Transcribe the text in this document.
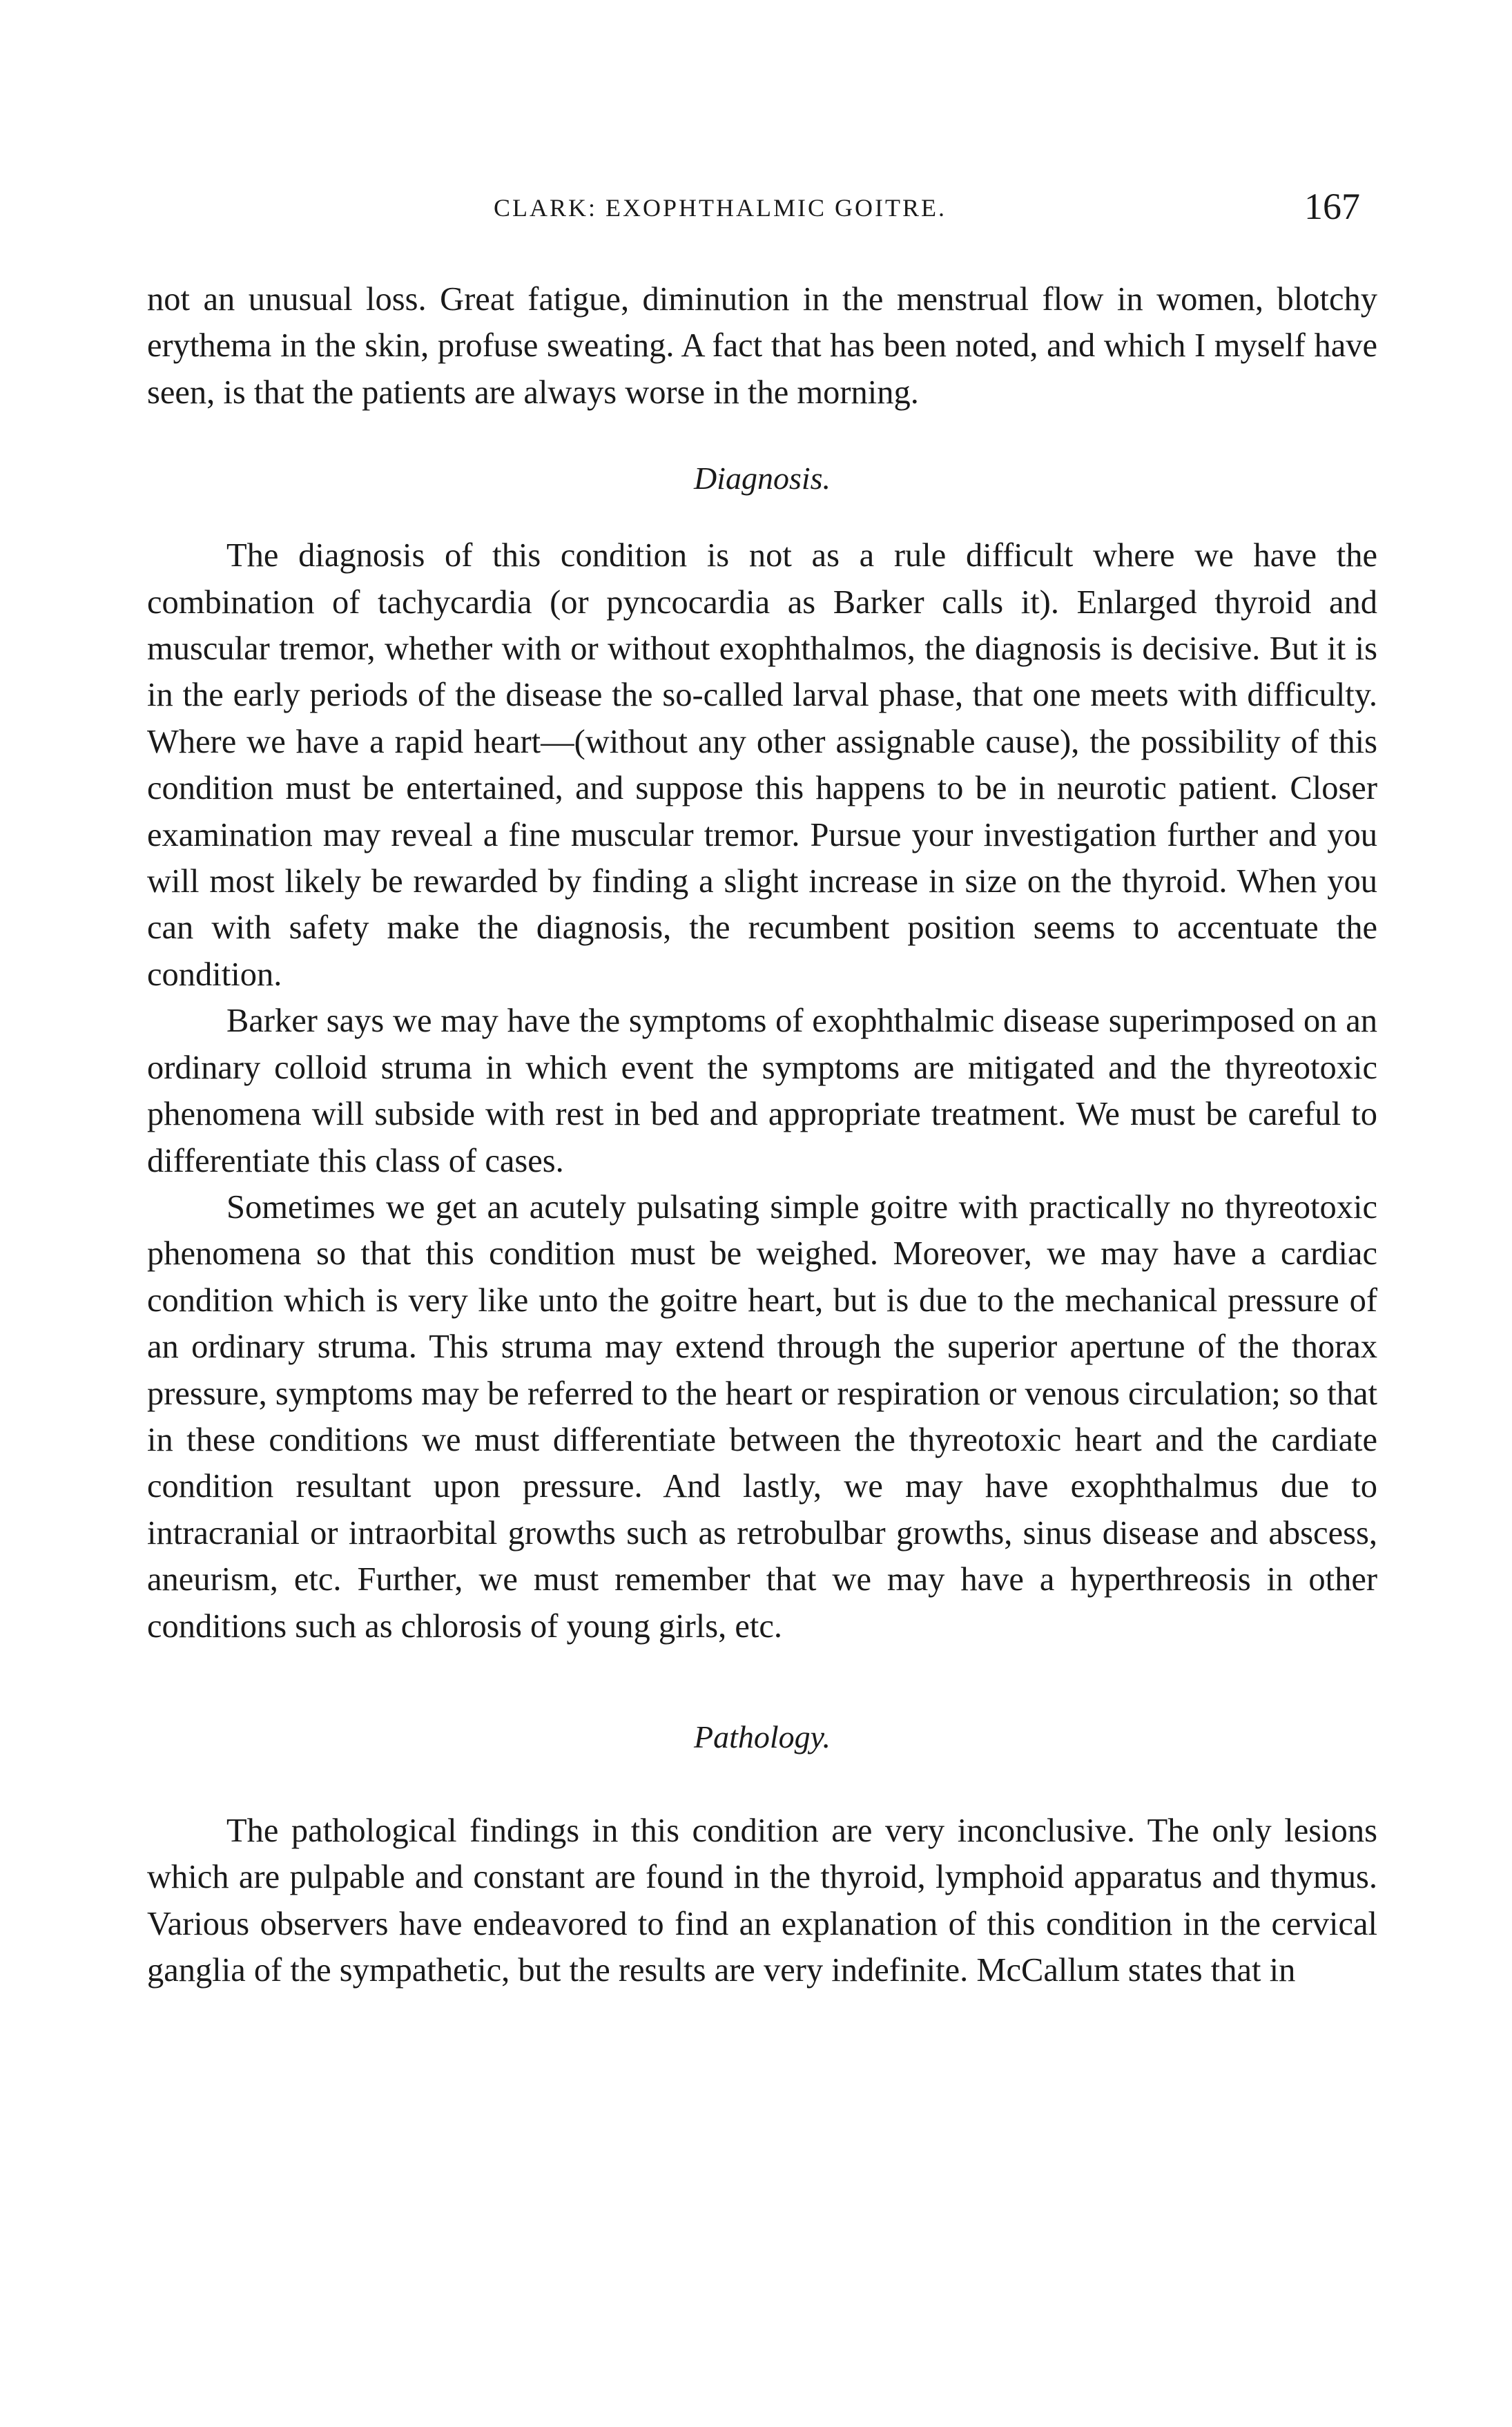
CLARK: EXOPHTHALMIC GOITRE.	167

not an unusual loss. Great fatigue, diminution in the menstrual flow in women, blotchy erythema in the skin, profuse sweating. A fact that has been noted, and which I myself have seen, is that the patients are always worse in the morning.

Diagnosis.

The diagnosis of this condition is not as a rule difficult where we have the combination of tachycardia (or pyncocardia as Barker calls it). Enlarged thyroid and muscular tremor, whether with or without exophthalmos, the diagnosis is decisive. But it is in the early periods of the disease the so-called larval phase, that one meets with difficulty. Where we have a rapid heart—(without any other assignable cause), the possibility of this condition must be entertained, and suppose this happens to be in neurotic patient. Closer examination may reveal a fine muscular tremor. Pursue your investigation further and you will most likely be rewarded by finding a slight increase in size on the thyroid. When you can with safety make the diagnosis, the recumbent position seems to accentuate the condition.

Barker says we may have the symptoms of exophthalmic disease superimposed on an ordinary colloid struma in which event the symptoms are mitigated and the thyreotoxic phenomena will subside with rest in bed and appropriate treatment. We must be careful to differentiate this class of cases.

Sometimes we get an acutely pulsating simple goitre with practically no thyreotoxic phenomena so that this condition must be weighed. Moreover, we may have a cardiac condition which is very like unto the goitre heart, but is due to the mechanical pressure of an ordinary struma. This struma may extend through the superior apertune of the thorax pressure, symptoms may be referred to the heart or respiration or venous circulation; so that in these conditions we must differentiate between the thyreotoxic heart and the cardiate condition resultant upon pressure. And lastly, we may have exophthalmus due to intracranial or intraorbital growths such as retrobulbar growths, sinus disease and abscess, aneurism, etc. Further, we must remember that we may have a hyperthreosis in other conditions such as chlorosis of young girls, etc.

Pathology.

The pathological findings in this condition are very inconclusive. The only lesions which are pulpable and constant are found in the thyroid, lymphoid apparatus and thymus. Various observers have endeavored to find an explanation of this condition in the cervical ganglia of the sympathetic, but the results are very indefinite. McCallum states that in
